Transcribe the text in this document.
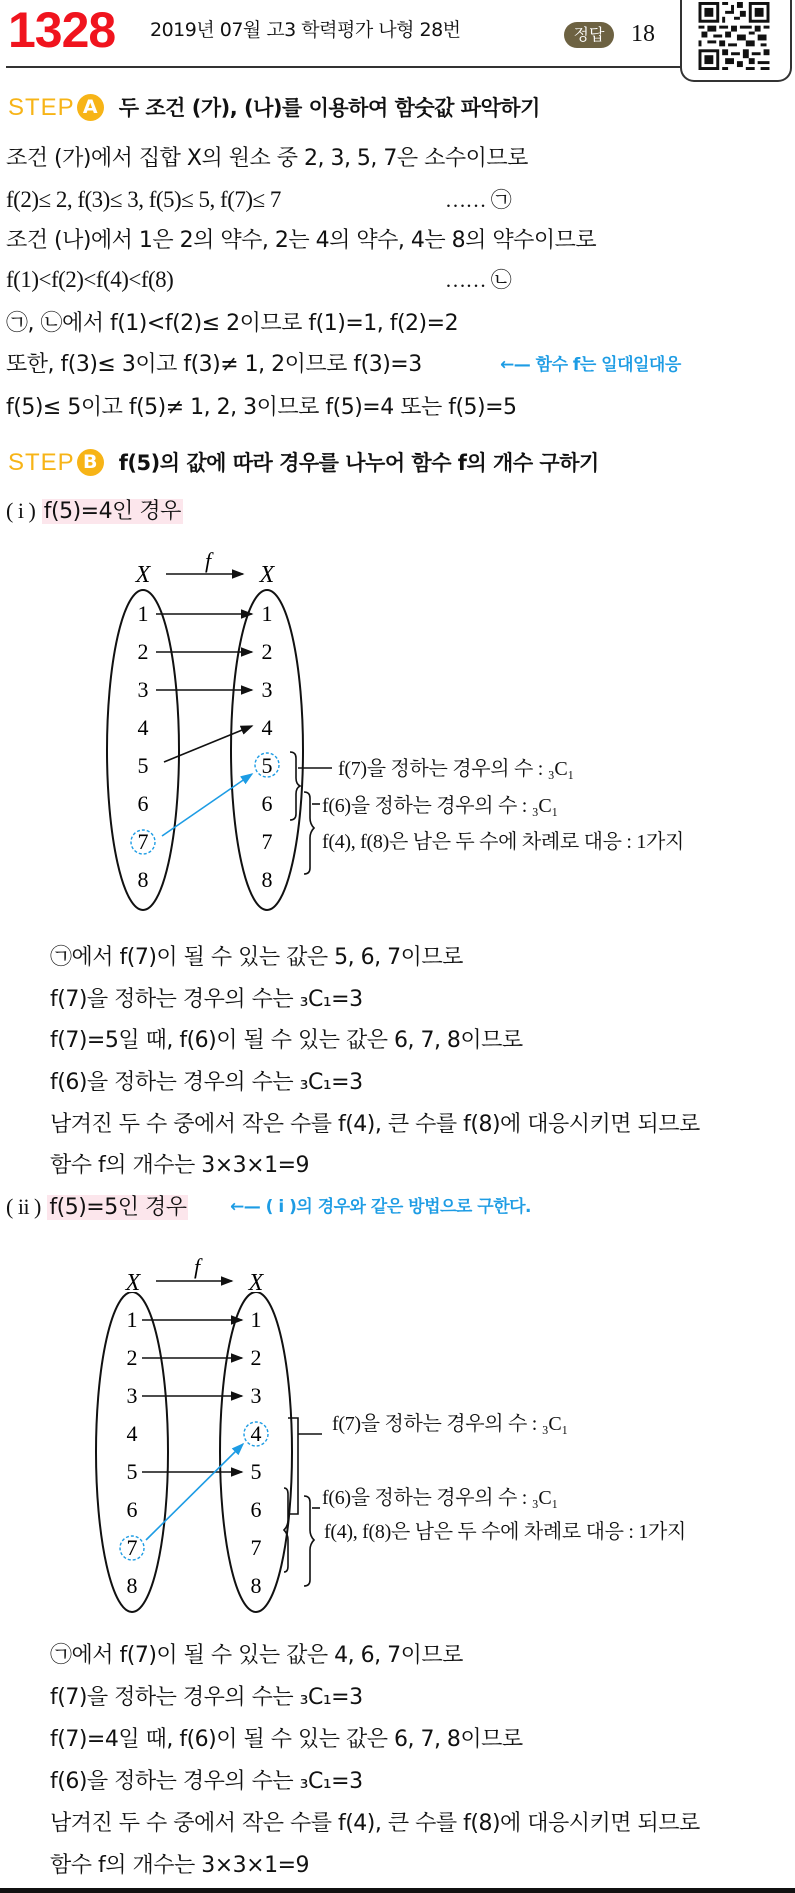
1328 2019년 07월 고3 학력평가 나형 28번	정답	18
STEP A 두 조건 (가), (나)를 이용하여 함숫값 파악하기
조건 (가)에서 집합 X의 원소 중 2, 3, 5, 7은 소수이므로
f(2)≤ 2, f(3)≤ 3, f(5)≤ 5, f(7)≤ 7	…… ㉠
조건 (나)에서 1은 2의 약수, 2는 4의 약수, 4는 8의 약수이므로
f(1)<f(2)<f(4)<f(8)	…… ㉡
㉠, ㉡에서 f(1)<f(2)≤ 2이므로 f(1)=1, f(2)=2
또한, f(3)≤ 3이고 f(3)≠ 1, 2이므로 f(3)=3	←— 함수 f는 일대일대응
f(5)≤ 5이고 f(5)≠ 1, 2, 3이므로 f(5)=4 또는 f(5)=5
STEP B f(5)의 값에 따라 경우를 나누어 함수 f의 개수 구하기
( i ) f(5)=4인 경우
X	X
f
1
2
3
4
5
6
7
8
1
2
3
4
5
6
7
8
f(7)을 정하는 경우의 수 : ₃C₁
f(6)을 정하는 경우의 수 : ₃C₁
f(4), f(8)은 남은 두 수에 차례로 대응 : 1가지
㉠에서 f(7)이 될 수 있는 값은 5, 6, 7이므로
f(7)을 정하는 경우의 수는 ₃C₁=3
f(7)=5일 때, f(6)이 될 수 있는 값은 6, 7, 8이므로
f(6)을 정하는 경우의 수는 ₃C₁=3
남겨진 두 수 중에서 작은 수를 f(4), 큰 수를 f(8)에 대응시키면 되므로
함수 f의 개수는 3×3×1=9
( ii ) f(5)=5인 경우	←— ( i )의 경우와 같은 방법으로 구한다.
X	X
f
1
2
3
4
5
6
7
8
1
2
3
4
5
6
7
8
f(7)을 정하는 경우의 수 : ₃C₁
f(6)을 정하는 경우의 수 : ₃C₁
f(4), f(8)은 남은 두 수에 차례로 대응 : 1가지
㉠에서 f(7)이 될 수 있는 값은 4, 6, 7이므로
f(7)을 정하는 경우의 수는 ₃C₁=3
f(7)=4일 때, f(6)이 될 수 있는 값은 6, 7, 8이므로
f(6)을 정하는 경우의 수는 ₃C₁=3
남겨진 두 수 중에서 작은 수를 f(4), 큰 수를 f(8)에 대응시키면 되므로
함수 f의 개수는 3×3×1=9
